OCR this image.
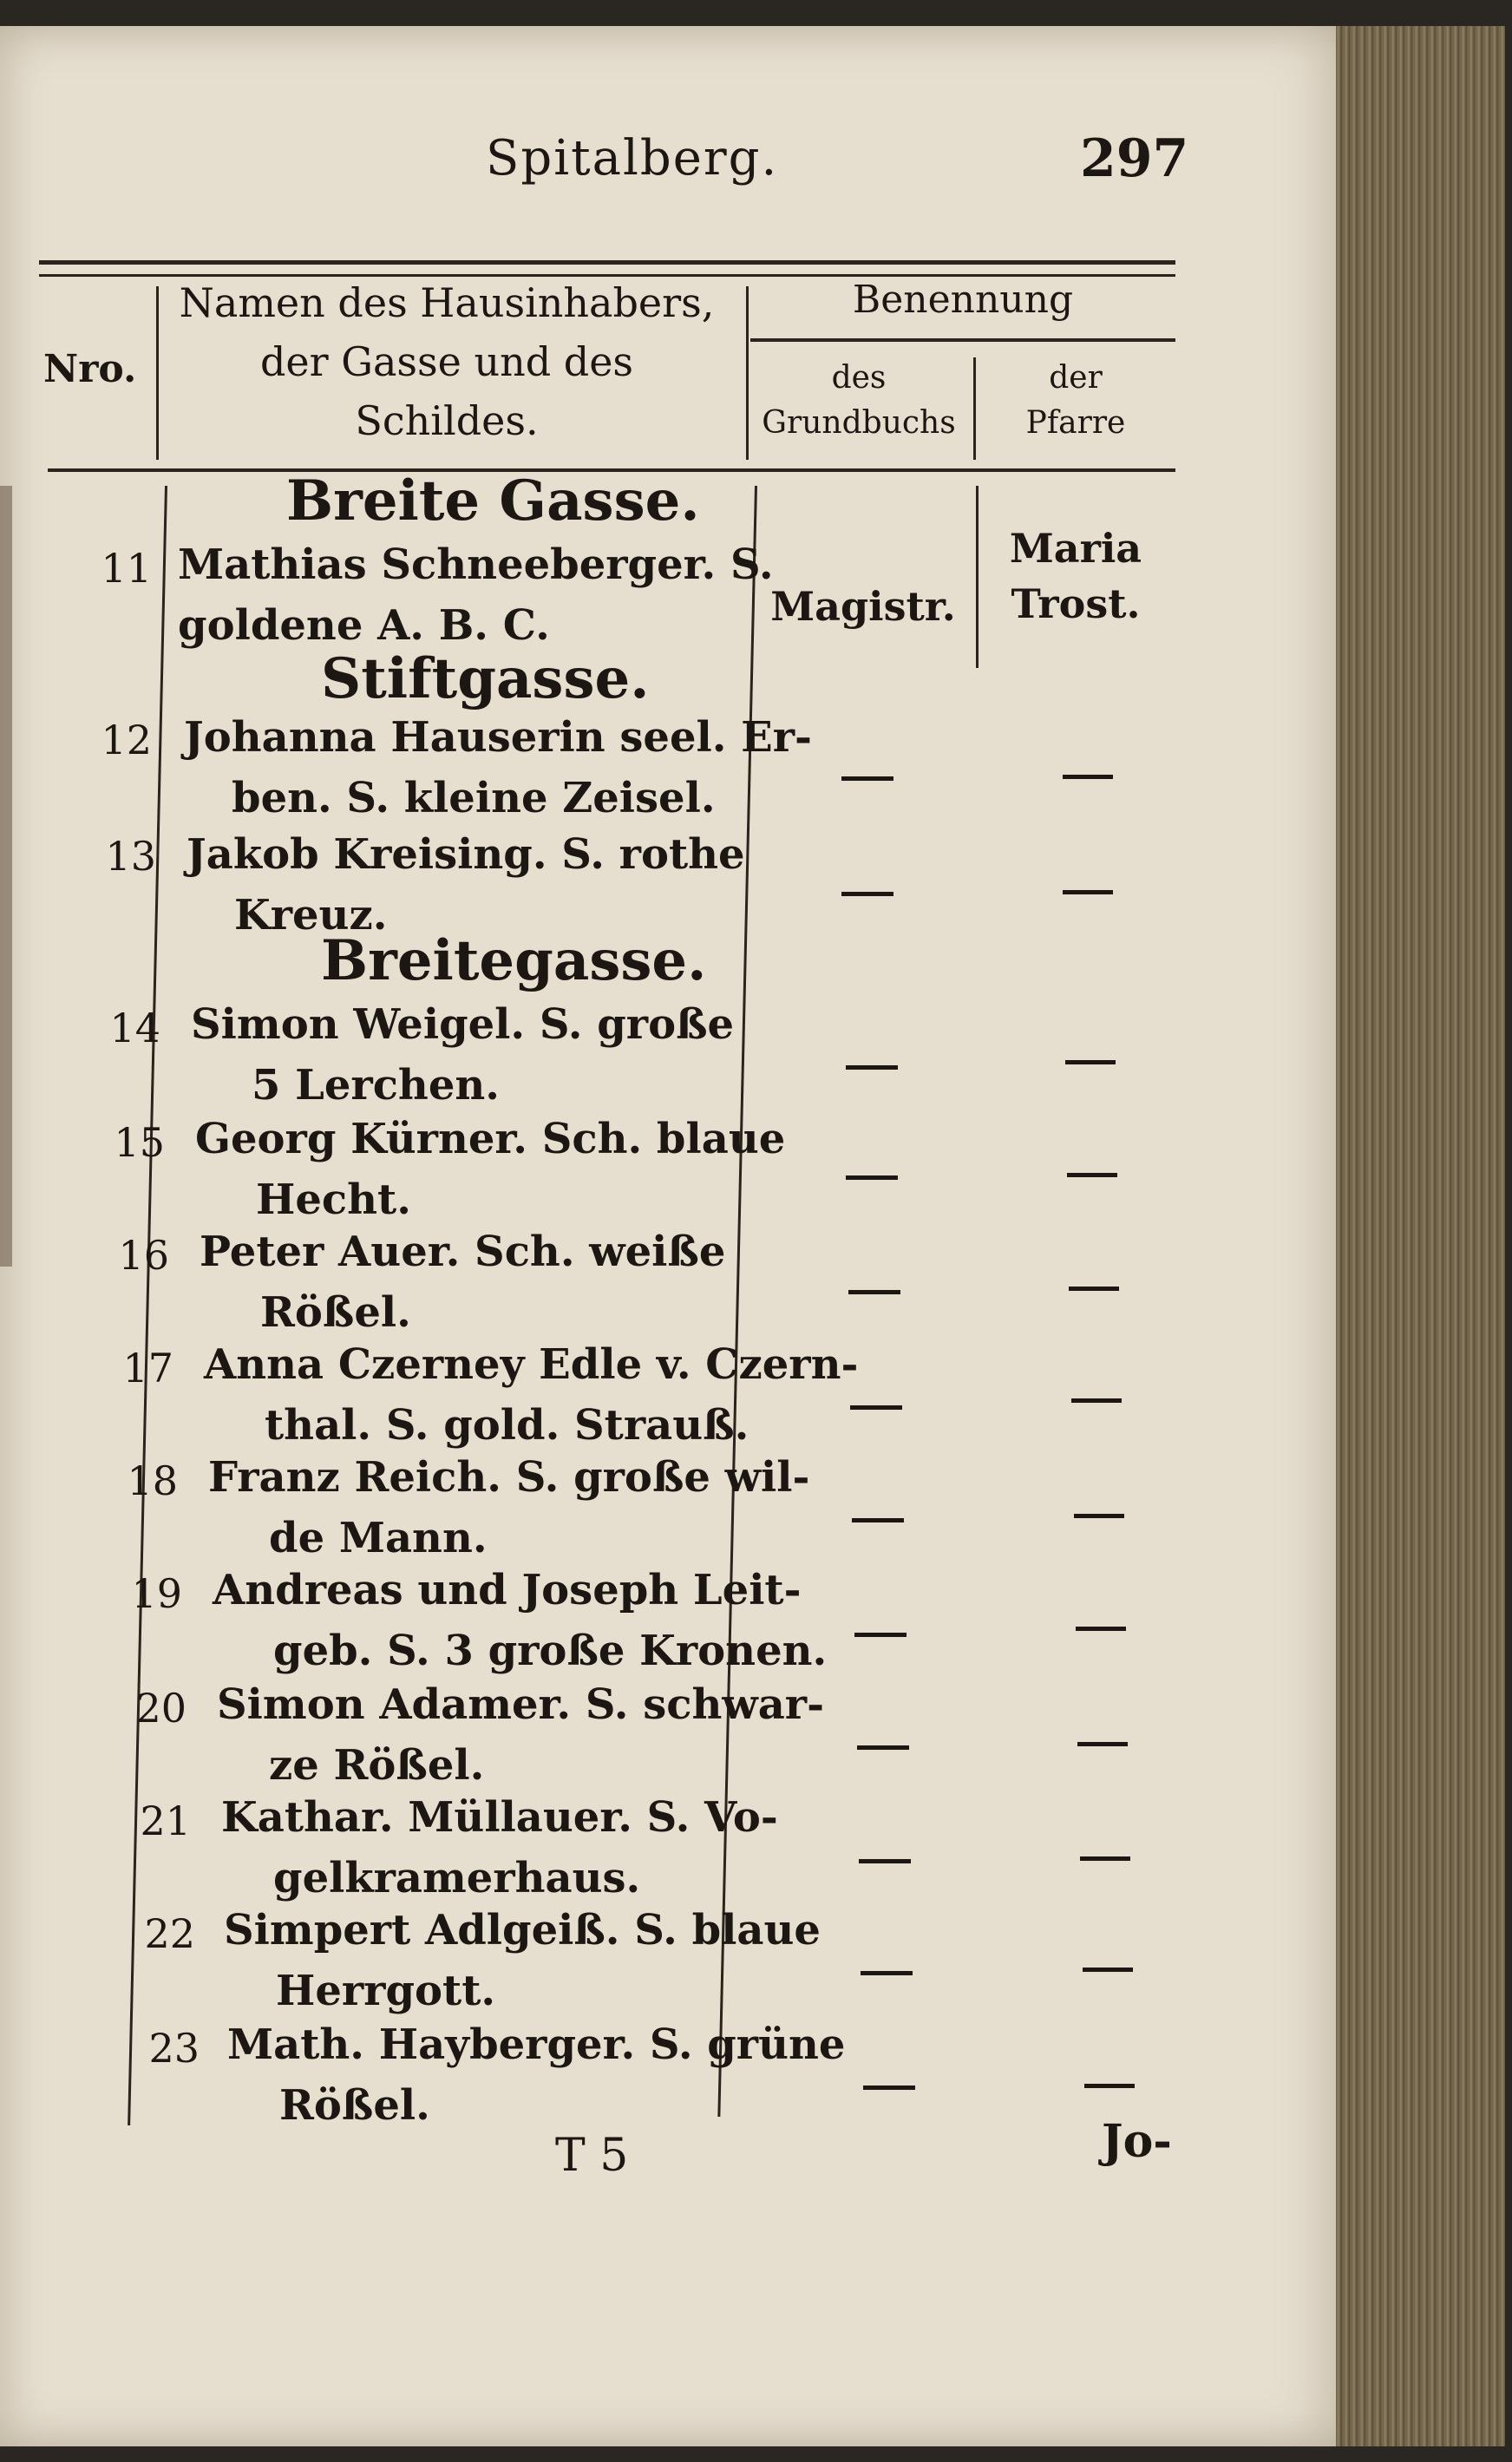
Spitalberg.	297
Nro.
Namen des Hausinhabers,
der Gasse und des
Schildes.
Benennung
des
Grundbuchs
der
Pfarre
Breite Gasse.
Stiftgasse.
Breitegasse.
11
12
13
14
15
16
17
18
19
20
21
22
23
Mathias Schneeberger. S.
goldene A. B. C.
Johanna Hauserin seel. Er-
ben. S. kleine Zeisel.
Jakob Kreising. S. rothe
Kreuz.
Simon Weigel. S. große
5 Lerchen.
Georg Kürner. Sch. blaue
Hecht.
Peter Auer. Sch. weiße
Rößel.
Anna Czerney Edle v. Czern-
thal. S. gold. Strauß.
Franz Reich. S. große wil-
de Mann.
Andreas und Joseph Leit-
geb. S. 3 große Kronen.
Simon Adamer. S. schwar-
ze Rößel.
Kathar. Müllauer. S. Vo-
gelkramerhaus.
Simpert Adlgeiß. S. blaue
Herrgott.
Math. Hayberger. S. grüne
Rößel.
Magistr.
Maria
Trost.
T 5	Jo-
